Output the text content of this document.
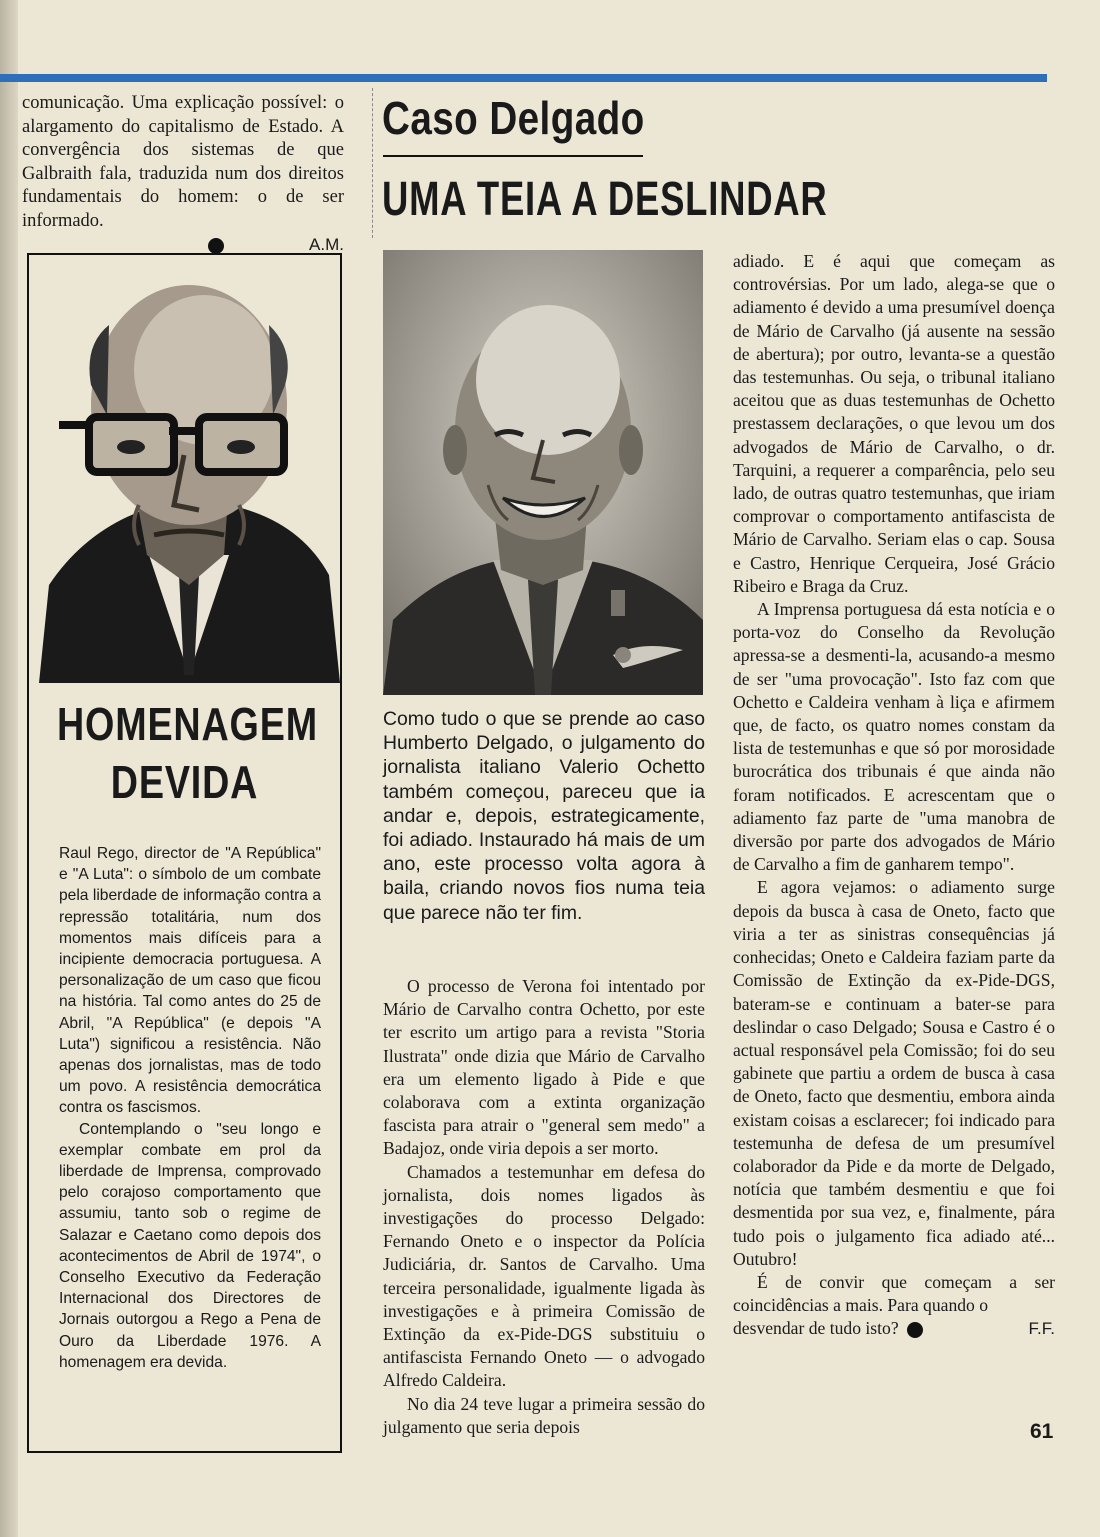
comunicação. Uma explicação possível: o alargamento do capitalismo de Estado. A convergência dos sistemas de que Galbraith fala, traduzida num dos direitos fundamentais do homem: o de ser informado.
A.M.
HOMENAGEM
DEVIDA

Raul Rego, director de "A República" e "A Luta": o símbolo de um combate pela liberdade de informação contra a repressão totalitária, num dos momentos mais difíceis para a incipiente democracia portuguesa. A personalização de um caso que ficou na história. Tal como antes do 25 de Abril, "A República" (e depois "A Luta") significou a resistência. Não apenas dos jornalistas, mas de todo um povo. A resistência democrática contra os fascismos.

Contemplando o "seu longo e exemplar combate em prol da liberdade de Imprensa, comprovado pelo corajoso comportamento que assumiu, tanto sob o regime de Salazar e Caetano como depois dos acontecimentos de Abril de 1974", o Conselho Executivo da Federação Internacional dos Directores de Jornais outorgou a Rego a Pena de Ouro da Liberdade 1976. A homenagem era devida.

Caso Delgado
UMA TEIA A DESLINDAR
Como tudo o que se prende ao caso Humberto Delgado, o julgamento do jornalista italiano Valerio Ochetto também começou, pareceu que ia andar e, depois, estrategicamente, foi adiado. Instaurado há mais de um ano, este processo volta agora à baila, criando novos fios numa teia que parece não ter fim.

O processo de Verona foi intentado por Mário de Carvalho contra Ochetto, por este ter escrito um artigo para a revista "Storia Ilustrata" onde dizia que Mário de Carvalho era um elemento ligado à Pide e que colaborava com a extinta organização fascista para atrair o "general sem medo" a Badajoz, onde viria depois a ser morto.

Chamados a testemunhar em defesa do jornalista, dois nomes ligados às investigações do processo Delgado: Fernando Oneto e o inspector da Polícia Judiciária, dr. Santos de Carvalho. Uma terceira personalidade, igualmente ligada às investigações e à primeira Comissão de Extinção da ex-Pide-DGS substituiu o antifascista Fernando Oneto — o advogado Alfredo Caldeira.

No dia 24 teve lugar a primeira sessão do julgamento que seria depois

adiado. E é aqui que começam as controvérsias. Por um lado, alega-se que o adiamento é devido a uma presumível doença de Mário de Carvalho (já ausente na sessão de abertura); por outro, levanta-se a questão das testemunhas. Ou seja, o tribunal italiano aceitou que as duas testemunhas de Ochetto prestassem declarações, o que levou um dos advogados de Mário de Carvalho, o dr. Tarquini, a requerer a comparência, pelo seu lado, de outras quatro testemunhas, que iriam comprovar o comportamento antifascista de Mário de Carvalho. Seriam elas o cap. Sousa e Castro, Henrique Cerqueira, José Grácio Ribeiro e Braga da Cruz.

A Imprensa portuguesa dá esta notícia e o porta-voz do Conselho da Revolução apressa-se a desmenti-la, acusando-a mesmo de ser "uma provocação". Isto faz com que Ochetto e Caldeira venham à liça e afirmem que, de facto, os quatro nomes constam da lista de testemunhas e que só por morosidade burocrática dos tribunais é que ainda não foram notificados. E acrescentam que o adiamento faz parte de "uma manobra de diversão por parte dos advogados de Mário de Carvalho a fim de ganharem tempo".

E agora vejamos: o adiamento surge depois da busca à casa de Oneto, facto que viria a ter as sinistras consequências já conhecidas; Oneto e Caldeira faziam parte da Comissão de Extinção da ex-Pide-DGS, bateram-se e continuam a bater-se para deslindar o caso Delgado; Sousa e Castro é o actual responsável pela Comissão; foi do seu gabinete que partiu a ordem de busca à casa de Oneto, facto que desmentiu, embora ainda existam coisas a esclarecer; foi indicado para testemunha de defesa de um presumível colaborador da Pide e da morte de Delgado, notícia que também desmentiu e que foi desmentida por sua vez, e, finalmente, pára tudo pois o julgamento fica adiado até... Outubro!

É de convir que começam a ser coincidências a mais. Para quando o

desvendar de tudo isto?	F.F.

61
